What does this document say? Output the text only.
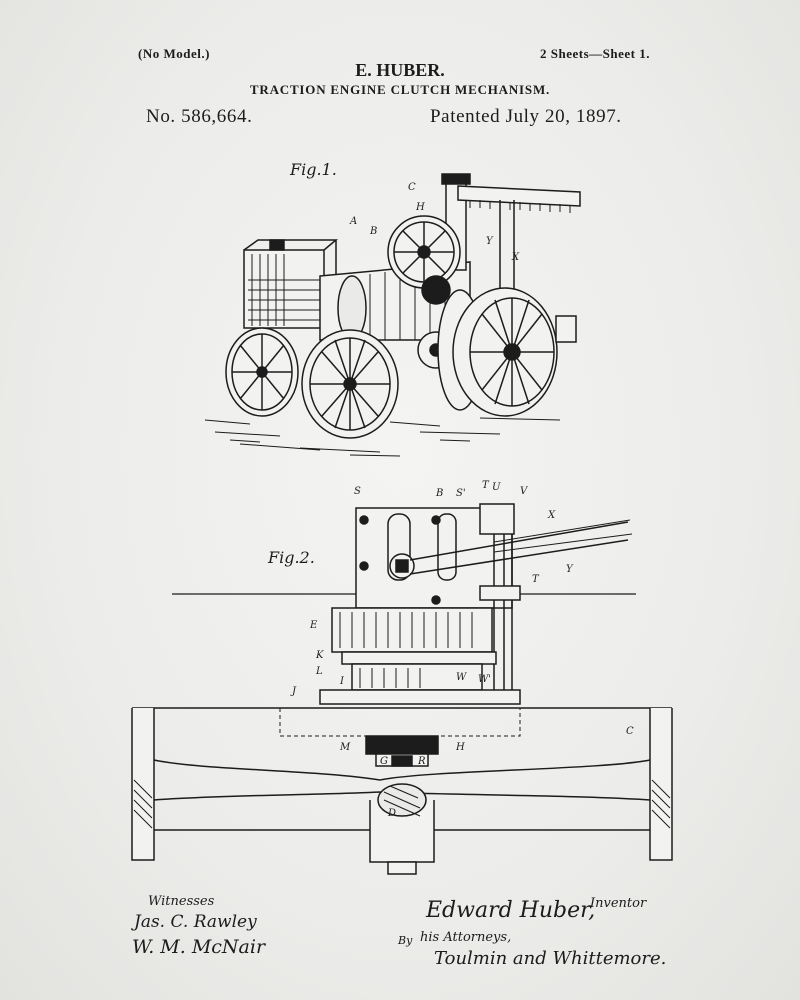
(No Model.)	2 Sheets—Sheet 1.
E. HUBER.
TRACTION ENGINE CLUTCH MECHANISM.
No. 586,664.	Patented July 20, 1897.
Fig.1.
Fig.2.
C
H
A
B
Y
X
S	B S'
T U V
X
Y
T
E
K
L
J
I	W W'
C
M	H
G	R
D
Witnesses
Jas. C. Rawley
W. M. McNair
Inventor
Edward Huber,
By his Attorneys,
Toulmin and Whittemore.
